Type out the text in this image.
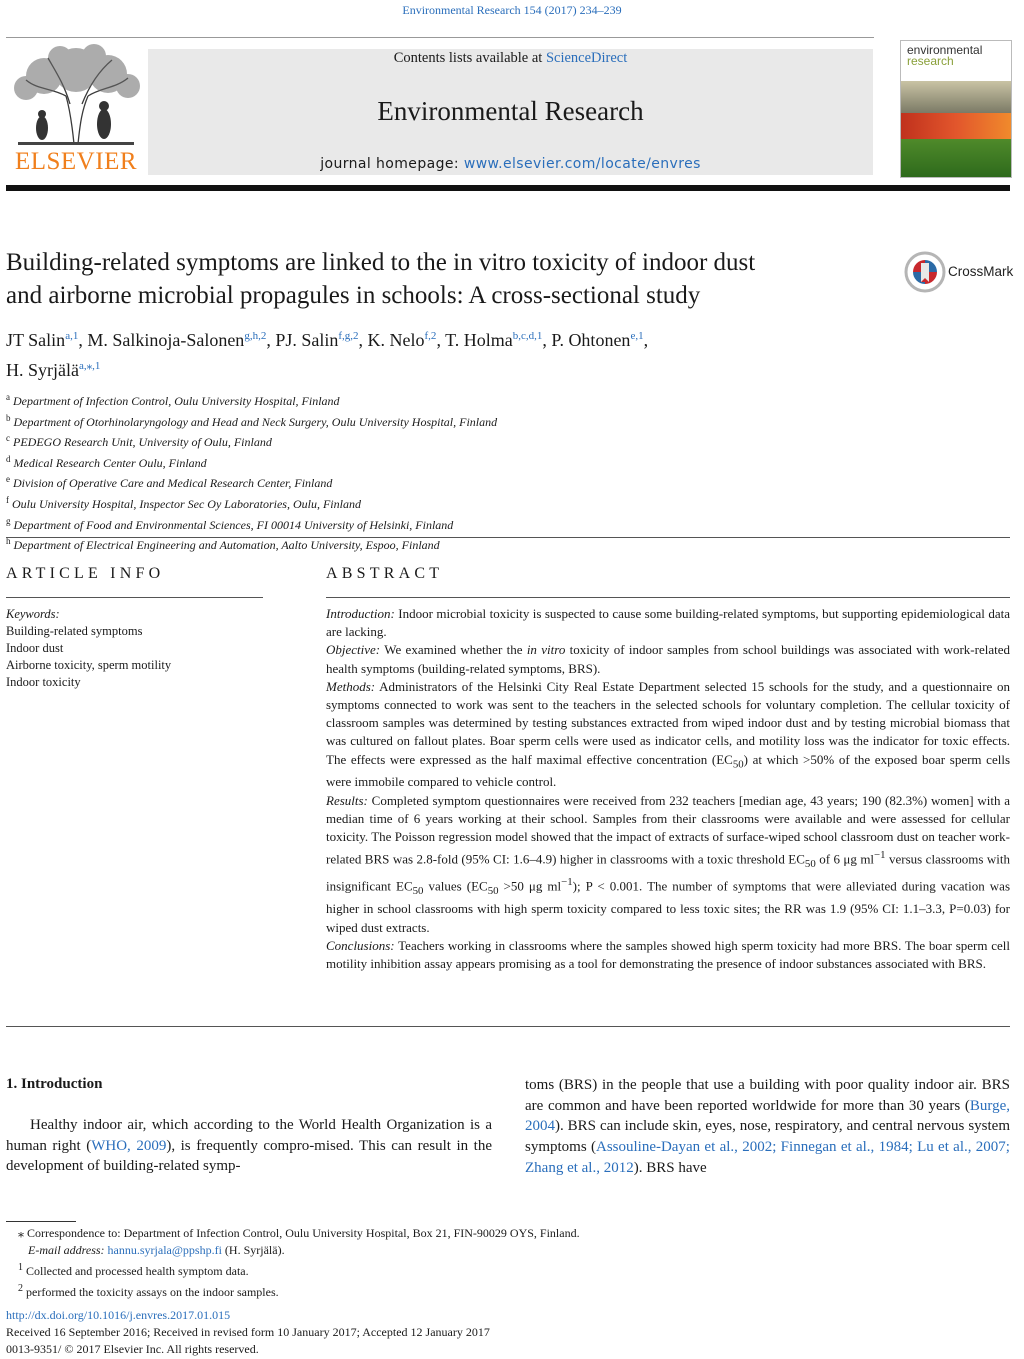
Environmental Research 154 (2017) 234–239
ELSEVIER
Contents lists available at ScienceDirect
Environmental Research
journal homepage: www.elsevier.com/locate/envres
environmental
research
Building-related symptoms are linked to the in vitro toxicity of indoor dust
and airborne microbial propagules in schools: A cross-sectional study
CrossMark
JT Salin$^{a,1}$, M. Salkinoja-Salonen$^{g,h,2}$, PJ. Salin$^{f,g,2}$, K. Nelo$^{f,2}$, T. Holma$^{b,c,d,1}$, P. Ohtonen$^{e,1}$,
H. Syrjälä$^{a,⁎,1}$
$^a$ Department of Infection Control, Oulu University Hospital, Finland
$^b$ Department of Otorhinolaryngology and Head and Neck Surgery, Oulu University Hospital, Finland
$^c$ PEDEGO Research Unit, University of Oulu, Finland
$^d$ Medical Research Center Oulu, Finland
$^e$ Division of Operative Care and Medical Research Center, Finland
$^f$ Oulu University Hospital, Inspector Sec Oy Laboratories, Oulu, Finland
$^g$ Department of Food and Environmental Sciences, FI 00014 University of Helsinki, Finland
$^h$ Department of Electrical Engineering and Automation, Aalto University, Espoo, Finland
ARTICLE INFO	ABSTRACT
Keywords:
Building-related symptoms
Indoor dust
Airborne toxicity, sperm motility
Indoor toxicity

Introduction: Indoor microbial toxicity is suspected to cause some building-related symptoms, but supporting epidemiological data are lacking.

Objective: We examined whether the in vitro toxicity of indoor samples from school buildings was associated with work-related health symptoms (building-related symptoms, BRS).

Methods: Administrators of the Helsinki City Real Estate Department selected 15 schools for the study, and a questionnaire on symptoms connected to work was sent to the teachers in the selected schools for voluntary completion. The cellular toxicity of classroom samples was determined by testing substances extracted from wiped indoor dust and by testing microbial biomass that was cultured on fallout plates. Boar sperm cells were used as indicator cells, and motility loss was the indicator for toxic effects. The effects were expressed as the half maximal effective concentration $(EC_{50})$ at which >50% of the exposed boar sperm cells were immobile compared to vehicle control.

Results: Completed symptom questionnaires were received from 232 teachers [median age, 43 years; 190 (82.3%) women] with a median time of 6 years working at their school. Samples from their classrooms were available and were assessed for cellular toxicity. The Poisson regression model showed that the impact of extracts of surface-wiped school classroom dust on teacher work-related BRS was 2.8-fold (95% CI: 1.6–4.9) higher in classrooms with a toxic threshold $EC_{50}$ of 6 μg $ml^{-1}$ versus classrooms with insignificant $EC_{50}$ values ($EC_{50} >50$ μg $ml^{-1}$); P < 0.001. The number of symptoms that were alleviated during vacation was higher in school classrooms with high sperm toxicity compared to less toxic sites; the RR was 1.9 (95% CI: 1.1–3.3, P=0.03) for wiped dust extracts.

Conclusions: Teachers working in classrooms where the samples showed high sperm toxicity had more BRS. The boar sperm cell motility inhibition assay appears promising as a tool for demonstrating the presence of indoor substances associated with BRS.

1. Introduction
Healthy indoor air, which according to the World Health Organization is a human right (WHO, 2009), is frequently compro-mised. This can result in the development of building-related symp-
toms (BRS) in the people that use a building with poor quality indoor air. BRS are common and have been reported worldwide for more than 30 years (Burge, 2004). BRS can include skin, eyes, nose, respiratory, and central nervous system symptoms (Assouline-Dayan et al., 2002; Finnegan et al., 1984; Lu et al., 2007; Zhang et al., 2012). BRS have
⁎ Correspondence to: Department of Infection Control, Oulu University Hospital, Box 21, FIN-90029 OYS, Finland.
E-mail address: hannu.syrjala@ppshp.fi (H. Syrjälä).
$^1$ Collected and processed health symptom data.
$^2$ performed the toxicity assays on the indoor samples.
http://dx.doi.org/10.1016/j.envres.2017.01.015
Received 16 September 2016; Received in revised form 10 January 2017; Accepted 12 January 2017
0013-9351/ © 2017 Elsevier Inc. All rights reserved.
